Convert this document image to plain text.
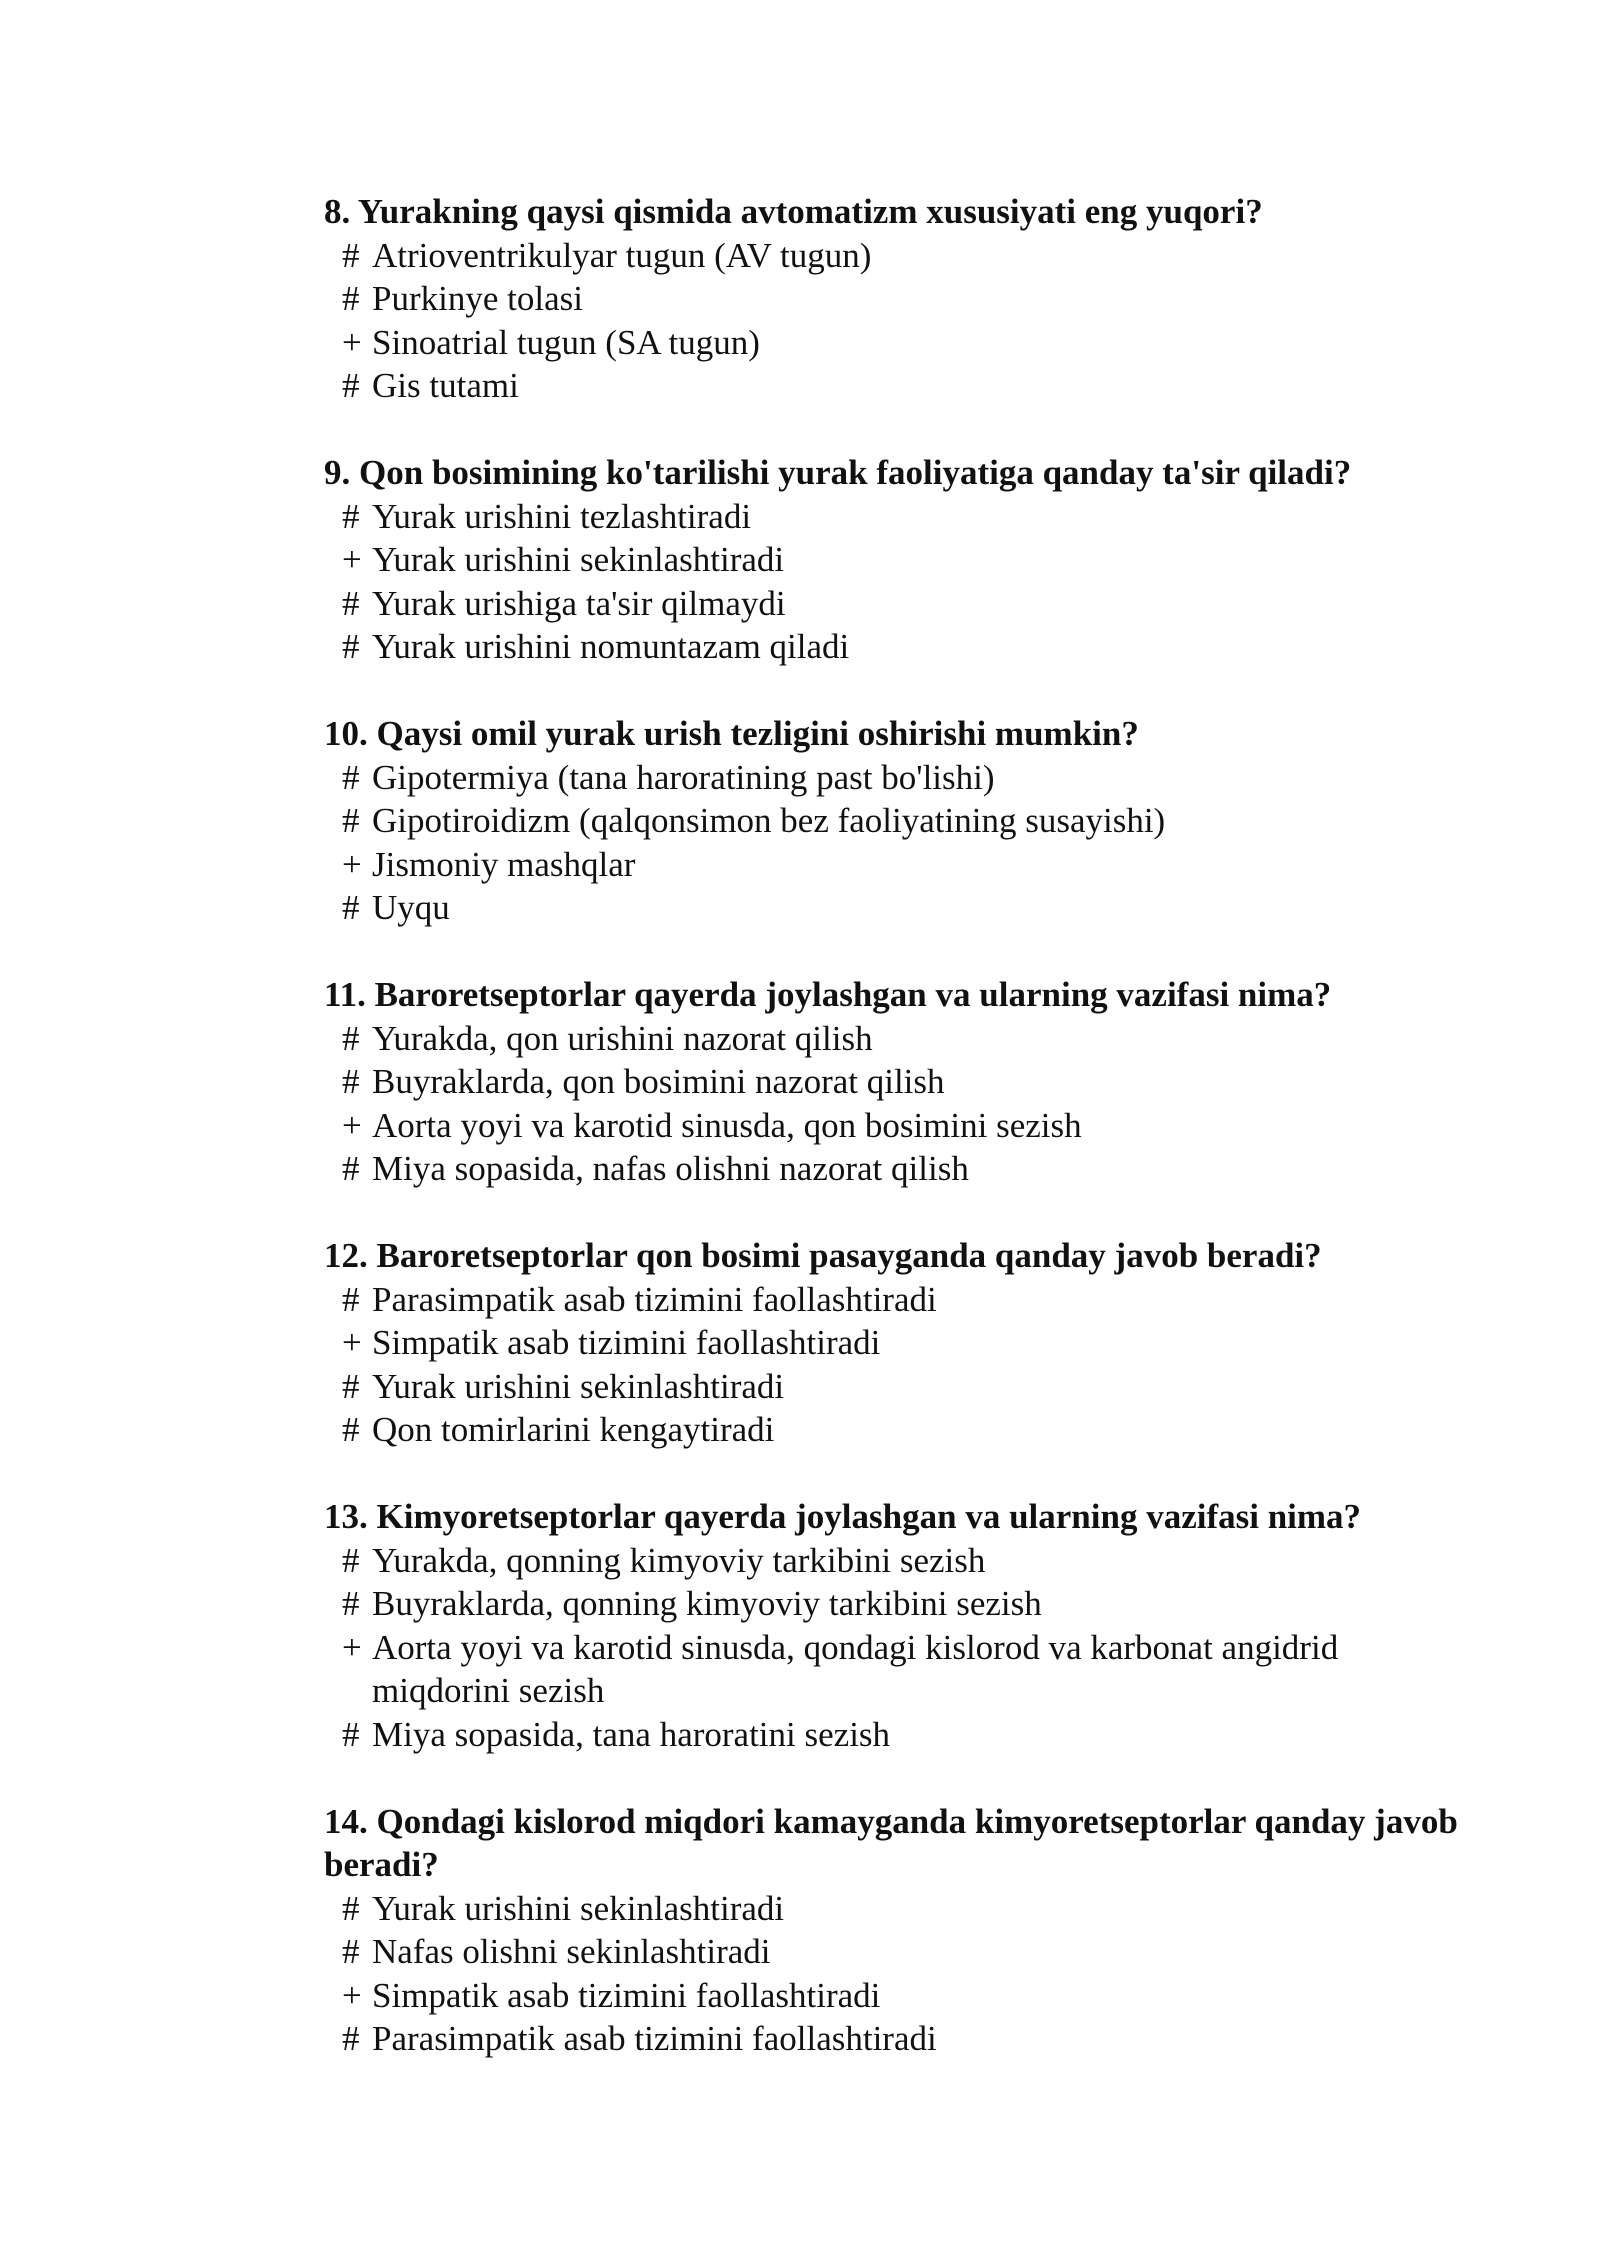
8. Yurakning qaysi qismida avtomatizm xususiyati eng yuqori?

# Atrioventrikulyar tugun (AV tugun)
# Purkinye tolasi
+ Sinoatrial tugun (SA tugun)
# Gis tutami

9. Qon bosimining ko'tarilishi yurak faoliyatiga qanday ta'sir qiladi?

# Yurak urishini tezlashtiradi
+ Yurak urishini sekinlashtiradi
# Yurak urishiga ta'sir qilmaydi
# Yurak urishini nomuntazam qiladi

10. Qaysi omil yurak urish tezligini oshirishi mumkin?

# Gipotermiya (tana haroratining past bo'lishi)
# Gipotiroidizm (qalqonsimon bez faoliyatining susayishi)
+ Jismoniy mashqlar
# Uyqu

11. Baroretseptorlar qayerda joylashgan va ularning vazifasi nima?

# Yurakda, qon urishini nazorat qilish
# Buyraklarda, qon bosimini nazorat qilish
+ Aorta yoyi va karotid sinusda, qon bosimini sezish
# Miya sopasida, nafas olishni nazorat qilish

12. Baroretseptorlar qon bosimi pasayganda qanday javob beradi?

# Parasimpatik asab tizimini faollashtiradi
+ Simpatik asab tizimini faollashtiradi
# Yurak urishini sekinlashtiradi
# Qon tomirlarini kengaytiradi

13. Kimyoretseptorlar qayerda joylashgan va ularning vazifasi nima?

# Yurakda, qonning kimyoviy tarkibini sezish
# Buyraklarda, qonning kimyoviy tarkibini sezish
+ Aorta yoyi va karotid sinusda, qondagi kislorod va karbonat angidrid miqdorini sezish
# Miya sopasida, tana haroratini sezish

14. Qondagi kislorod miqdori kamayganda kimyoretseptorlar qanday javob beradi?

# Yurak urishini sekinlashtiradi
# Nafas olishni sekinlashtiradi
+ Simpatik asab tizimini faollashtiradi
# Parasimpatik asab tizimini faollashtiradi
